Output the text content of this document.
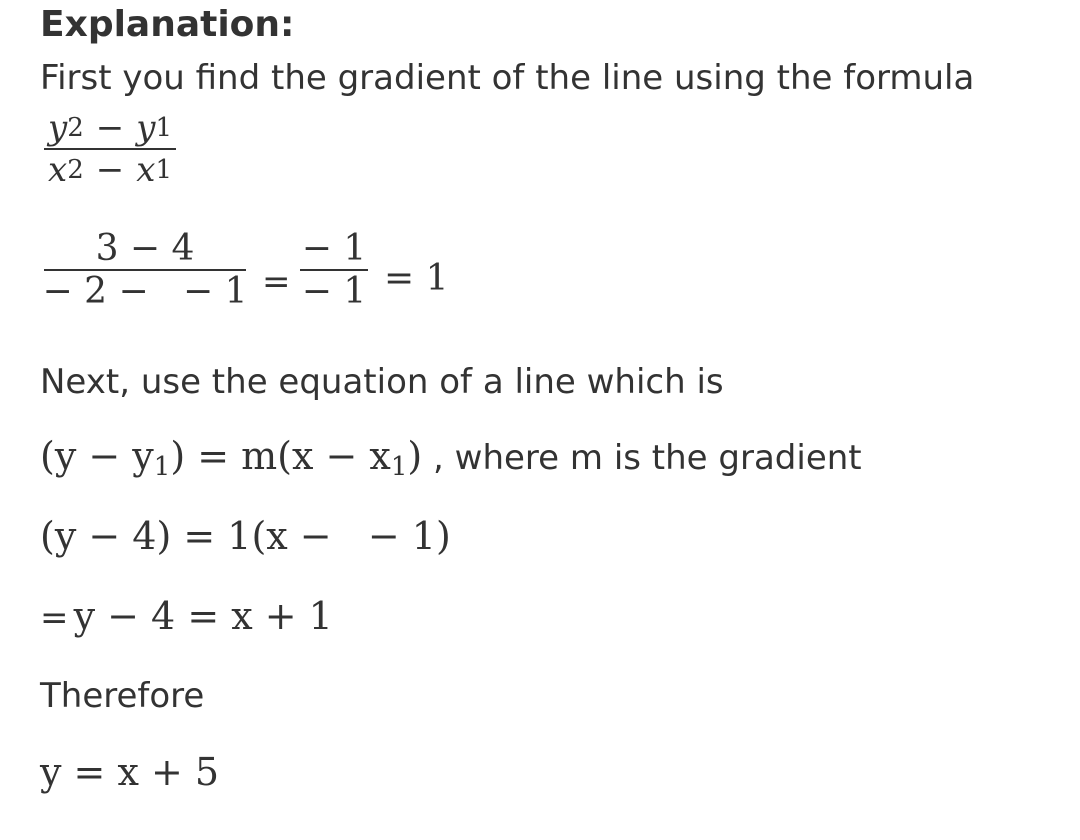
Explanation:
First you find the gradient of the line using the formula
y 2 − y 1
x 2 − x 1
3 − 4
− 2 −   − 1 =
− 1
− 1 = 1
Next, use the equation of a line which is
$(y - y_1) = m(x - x_1)$ , where m is the gradient
(y − 4) = 1(x −   − 1)
= y − 4 = x + 1
Therefore
y = x + 5
